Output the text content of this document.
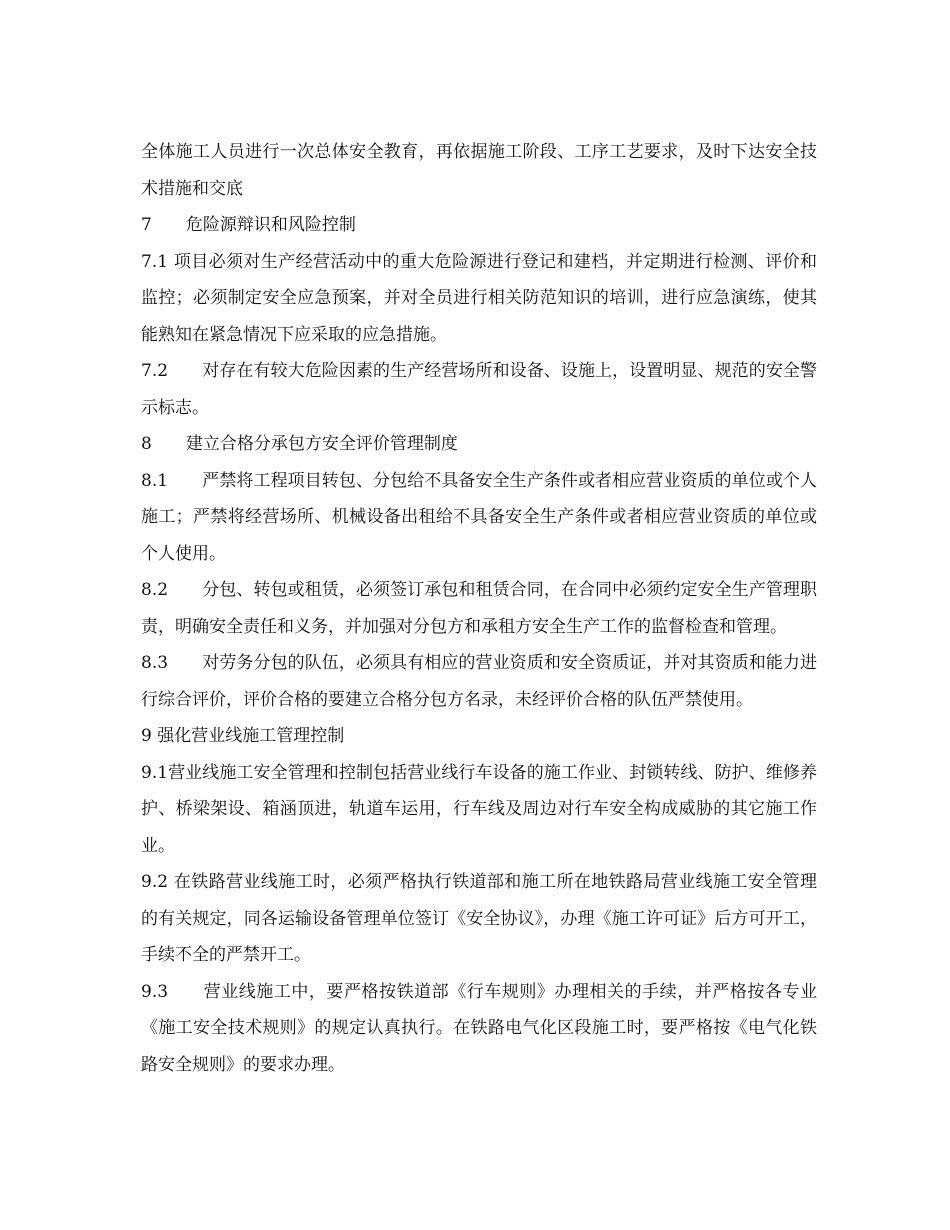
全体施工人员进行一次总体安全教育，再依据施工阶段、工序工艺要求，及时下达安全技术措施和交底

7　　危险源辩识和风险控制

7.1 项目必须对生产经营活动中的重大危险源进行登记和建档，并定期进行检测、评价和监控；必须制定安全应急预案，并对全员进行相关防范知识的培训，进行应急演练，使其能熟知在紧急情况下应采取的应急措施。

7.2　　对存在有较大危险因素的生产经营场所和设备、设施上，设置明显、规范的安全警示标志。

8　　建立合格分承包方安全评价管理制度

8.1　　严禁将工程项目转包、分包给不具备安全生产条件或者相应营业资质的单位或个人施工；严禁将经营场所、机械设备出租给不具备安全生产条件或者相应营业资质的单位或个人使用。

8.2　　分包、转包或租赁，必须签订承包和租赁合同，在合同中必须约定安全生产管理职责，明确安全责任和义务，并加强对分包方和承租方安全生产工作的监督检查和管理。

8.3　　对劳务分包的队伍，必须具有相应的营业资质和安全资质证，并对其资质和能力进行综合评价，评价合格的要建立合格分包方名录，未经评价合格的队伍严禁使用。

9 强化营业线施工管理控制

9.1营业线施工安全管理和控制包括营业线行车设备的施工作业、封锁转线、防护、维修养护、桥梁架设、箱涵顶进，轨道车运用，行车线及周边对行车安全构成威胁的其它施工作业。

9.2 在铁路营业线施工时，必须严格执行铁道部和施工所在地铁路局营业线施工安全管理的有关规定，同各运输设备管理单位签订《安全协议》，办理《施工许可证》后方可开工，手续不全的严禁开工。

9.3　　营业线施工中，要严格按铁道部《行车规则》办理相关的手续，并严格按各专业《施工安全技术规则》的规定认真执行。在铁路电气化区段施工时，要严格按《电气化铁路安全规则》的要求办理。
